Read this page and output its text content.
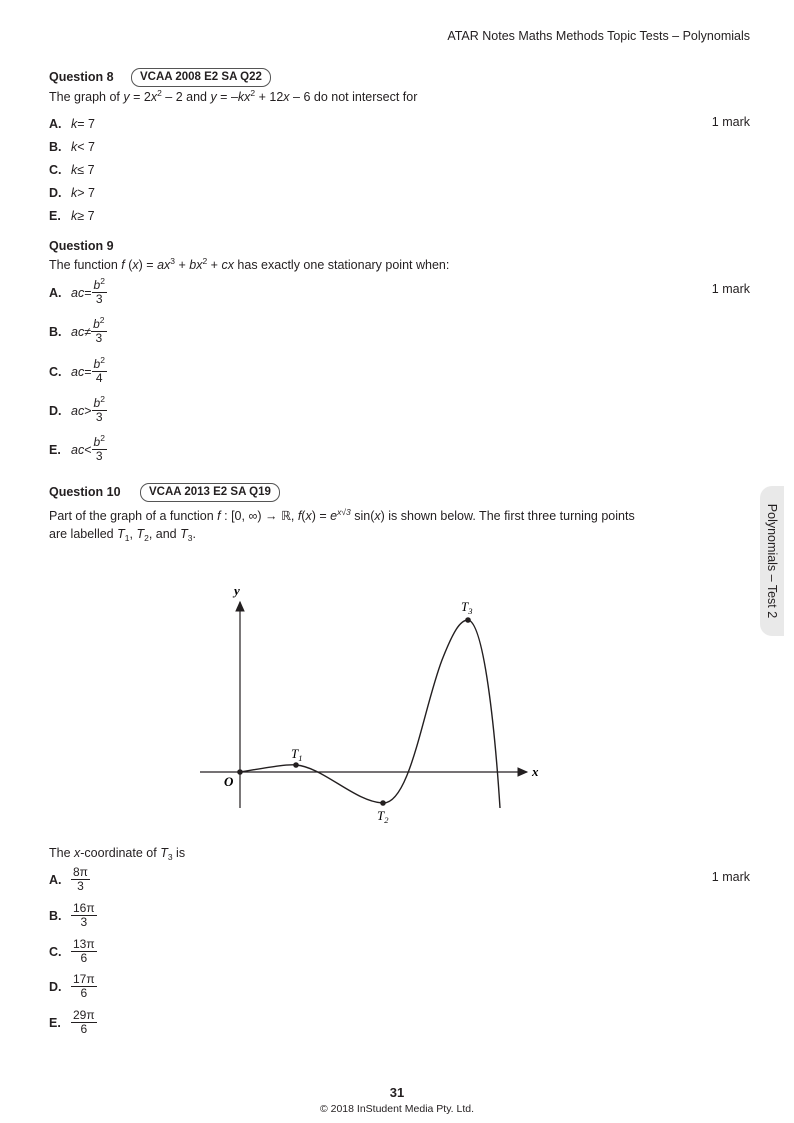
ATAR Notes Maths Methods Topic Tests – Polynomials
Polynomials – Test 2
Question 8	VCAA 2008 E2 SA Q22
The graph of $y = 2x^2 - 2$ and $y = -kx^2 + 12x - 6$ do not intersect for
1 mark
A. k = 7
B. k < 7
C. k ≤ 7
D. k > 7
E. k ≥ 7
Question 9
The function f $(x) = ax^3 + bx^2$ + cx has exactly one stationary point when:
1 mark
A. ac = $\frac{b^2}{3}$
B. ac ≠ $\frac{b^2}{3}$
C. ac = $\frac{b^2}{4}$
D. ac > $\frac{b^2}{3}$
E. ac < $\frac{b^2}{3}$
Question 10	VCAA 2013 E2 SA Q19
Part of the graph of a function f : [0, ∞) → ℝ, $f(x) = e^{x√3}$ sin(x) is shown below. The first three turning points
are labelled $T_1$, $T_2$, and $T_3$.
y
x
O
$T_1$
$T_2$
$T_3$
The x-coordinate of $T_3$ is
1 mark
A. $\frac{8\pi}{3}$
B. $\frac{16\pi}{3}$
C. $\frac{13\pi}{6}$
D. $\frac{17\pi}{6}$
E. $\frac{29\pi}{6}$
31
© 2018 InStudent Media Pty. Ltd.
